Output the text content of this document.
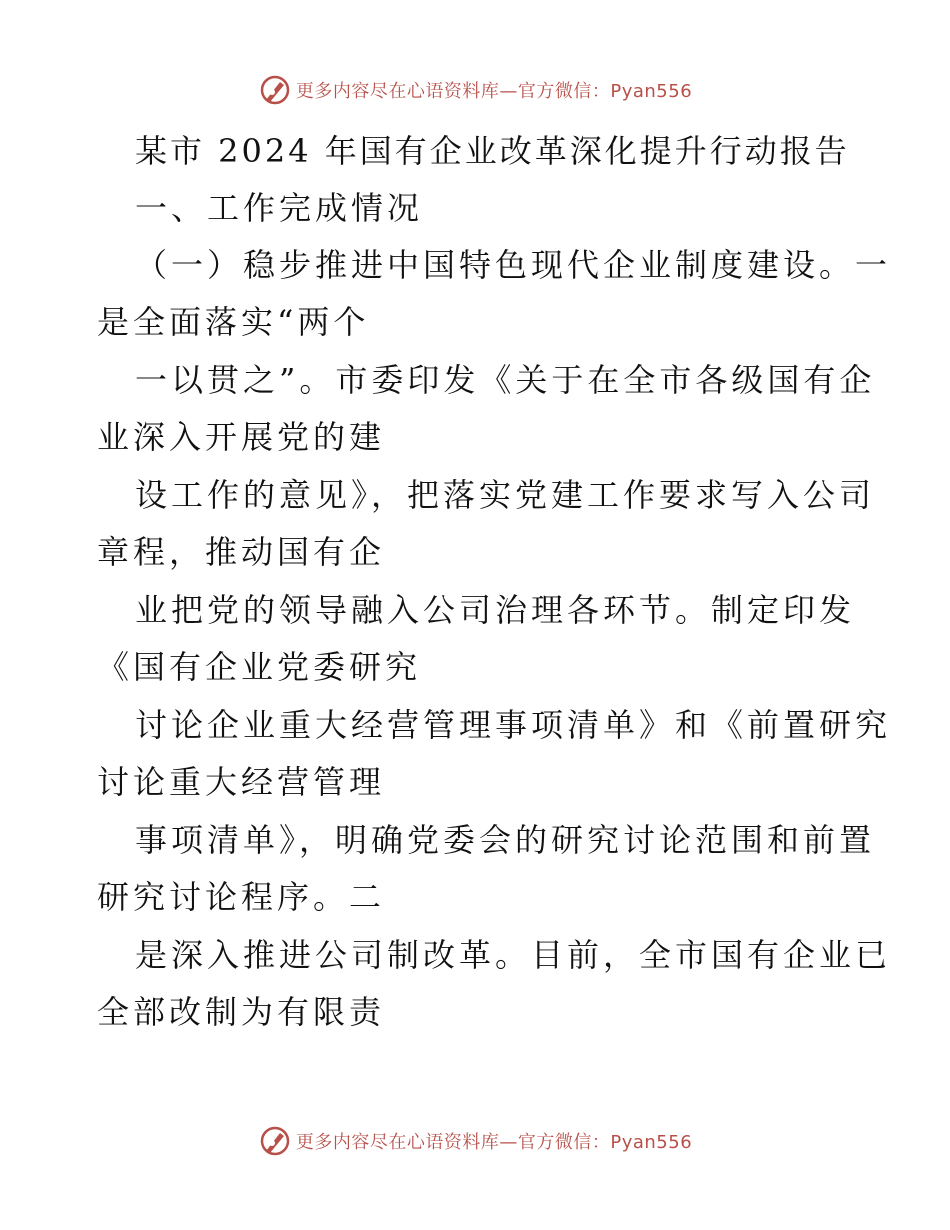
更多内容尽在心语资料库—官方微信：Pyan556
某市 2024 年国有企业改革深化提升行动报告
一、工作完成情况
（一）稳步推进中国特色现代企业制度建设。一
是全面落实“两个
一以贯之”。市委印发《关于在全市各级国有企
业深入开展党的建
设工作的意见》，把落实党建工作要求写入公司
章程，推动国有企
业把党的领导融入公司治理各环节。制定印发
《国有企业党委研究
讨论企业重大经营管理事项清单》和《前置研究
讨论重大经营管理
事项清单》，明确党委会的研究讨论范围和前置
研究讨论程序。二
是深入推进公司制改革。目前，全市国有企业已
全部改制为有限责
更多内容尽在心语资料库—官方微信：Pyan556
